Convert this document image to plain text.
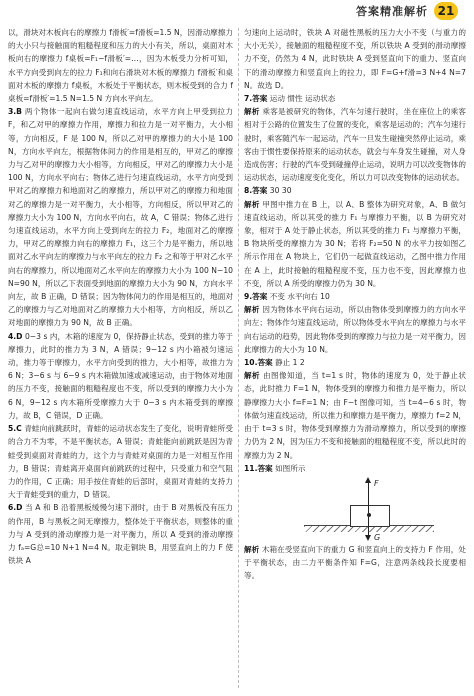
答案精准解析 21

以，滑块对木板向右的摩擦力 f滑板′=f滑板=1.5 N，因滑动摩擦力的大小只与接触面的粗糙程度和压力的大小有关，所以，桌面对木板向右的摩擦力 f桌板=F₁−f滑板′=…，因为木板受力分析可知，水平方向受到向左的拉力 F₁和向右滑块对木板的摩擦力 f滑板′和桌面对木板的摩擦力 f桌板，木板处于平衡状态，则木板受到的合力 f桌板=f滑板′=1.5 N=1.5 N 方向水平向左。

3.B 两个物体一起向右做匀速直线运动，水平方向上甲受到拉力 F，和乙对甲的摩擦力作用，摩擦力和拉力是一对平衡力，大小相等，方向相反，F 是 100 N，所以乙对甲的摩擦力的大小是 100 N，方向水平向左，根据物体间力的作用是相互的，甲对乙的摩擦力与乙对甲的摩擦力大小相等，方向相反，甲对乙的摩擦力大小是 100 N，方向水平向右；物体乙进行匀速直线运动，水平方向受到甲对乙的摩擦力和地面对乙的摩擦力，所以甲对乙的摩擦力和地面对乙的摩擦力是一对平衡力，大小相等，方向相反，所以甲对乙的摩擦力大小为 100 N，方向水平向右，故 A，C 错误；物体乙进行匀速直线运动，水平方向上受到向左的拉力 F₂，地面对乙的摩擦力，甲对乙的摩擦力向右的摩擦力 F₁，这三个力是平衡力，所以地面对乙水平向左的摩擦力与水平向左的拉力 F₂ 之和等于甲对乙水平向右的摩擦力，所以地面对乙水平向左的摩擦力大小为 100 N−10 N=90 N，所以乙下表面受到地面的摩擦力大小为 90 N，方向水平向左，故 B 正确，D 错误；因为物体间力的作用是相互的，地面对乙的摩擦力与乙对地面对乙的摩擦力大小相等，方向相反，所以乙对地面的摩擦力为 90 N，故 B 正确。

4.D 0−3 s 内，木箱的速度为 0，保持静止状态，受到的推力等于摩擦力，此时的推力为 3 N，A 错误；9−12 s 内小箱被匀速运动，推力等于摩擦力，水平方向受到的推力，大小相等，故推力为 6 N；3−6 s 与 6−9 s 内木箱做加速或减速运动，由于物体对地面的压力不变，接触面的粗糙程度也不变，所以受到的摩擦力大小为 6 N，9−12 s 内木箱所受摩擦力大于 0−3 s 内木箱受到的摩擦力，故 B，C 错误，D 正确。

5.C 青蛙向前跳跃时，青蛙的运动状态发生了变化，说明青蛙所受的合力不为零，不是平衡状态，A 错误；青蛙能向前跳跃是因为青蛙受到桌面对青蛙的力，这个力与青蛙对桌面的力是一对相互作用力，B 错误；青蛙离开桌面向前跳跃的过程中，只受重力和空气阻力的作用，C 正确；用手按住青蛙的后部时，桌面对青蛙的支持力大于青蛙受到的重力，D 错误。

6.D 当 A 和 B 沿着黑板缓慢匀速下滑时，由于 B 对黑板没有压力的作用，B 与黑板之间无摩擦力，整体处于平衡状态，则整体的重力与 A 受到的滑动摩擦力是一对平衡力，所以 A 受到的滑动摩擦力 fₐ=G总=10 N+1 N=4 N。取走铜块 B，用竖直向上的力 F 使铁块 A

匀速向上运动时，铁块 A 对磁性黑板的压力大小不变（与重力的大小无关），接触面的粗糙程度不变，所以铁块 A 受到的滑动摩擦力不变，仍然为 4 N，此时铁块 A 受到竖直向下的重力、竖直向下的滑动摩擦力和竖直向上的拉力，即 F=G+f滑=3 N+4 N=7 N。故选 D。

7.答案 运动 惯性 运动状态

解析 乘客是被研究的物体，汽车匀速行驶时，坐在座位上的乘客相对于公路的位置发生了位置的变化，乘客是运动的；汽车匀速行驶时，乘客随汽车一起运动，汽车一旦发生碰撞突然停止运动，乘客由于惯性要保持原来的运动状态，就会与车身发生碰撞，对人身造成伤害；行驶的汽车受到碰撞停止运动，说明力可以改变物体的运动状态，运动速度变化变化，所以力可以改变物体的运动状态。

8.答案 30 30

解析 甲图中推力在 B 上，以 A、B 整体为研究对象，A、B 做匀速直线运动，所以其受的推力 F₁ 与摩擦力平衡，以 B 为研究对象，相对于 A 处于静止状态，所以其受的推力 F₁ 与摩擦力平衡，B 物块所受的摩擦力为 30 N；若将 F₂=50 N 的水平力按如图乙所示作用在 A 物块上，它们仍一起做直线运动，乙图中推力作用在 A 上，此时接触的粗糙程度不变，压力也不变，因此摩擦力也不变，所以 A 所受的摩擦力仍为 30 N。

9.答案 不变 水平向右 10

解析 因为物体水平向右运动，所以由物体受到摩擦力的方向水平向左；物体作匀速直线运动，所以物体受水平向左的摩擦力与水平向右运动的趋势，因此物体受到的摩擦力与拉力是一对平衡力，因此摩擦力的大小为 10 N。

10.答案 静止 1 2

解析 由图像知道，当 t=1 s 时，物体的速度为 0，处于静止状态，此时推力 F=1 N，物体受到的摩擦力和推力是平衡力，所以静摩擦力大小 f=F=1 N；由 F−t 图像可知，当 t=4−6 s 时，物体做匀速直线运动，所以推力和摩擦力是平衡力，摩擦力 f=2 N，由于 t=3 s 时，物体受到摩擦力为滑动摩擦力，所以受到的摩擦力仍为 2 N，因为压力不变和接触面的粗糙程度不变，所以此时的摩擦力为 2 N。

11.答案 如图所示

F
G

解析 木箱在受竖直向下的重力 G 和竖直向上的支持力 F 作用，处于平衡状态，由二力平衡条件知 F=G，注意两条线段长度要相等。
